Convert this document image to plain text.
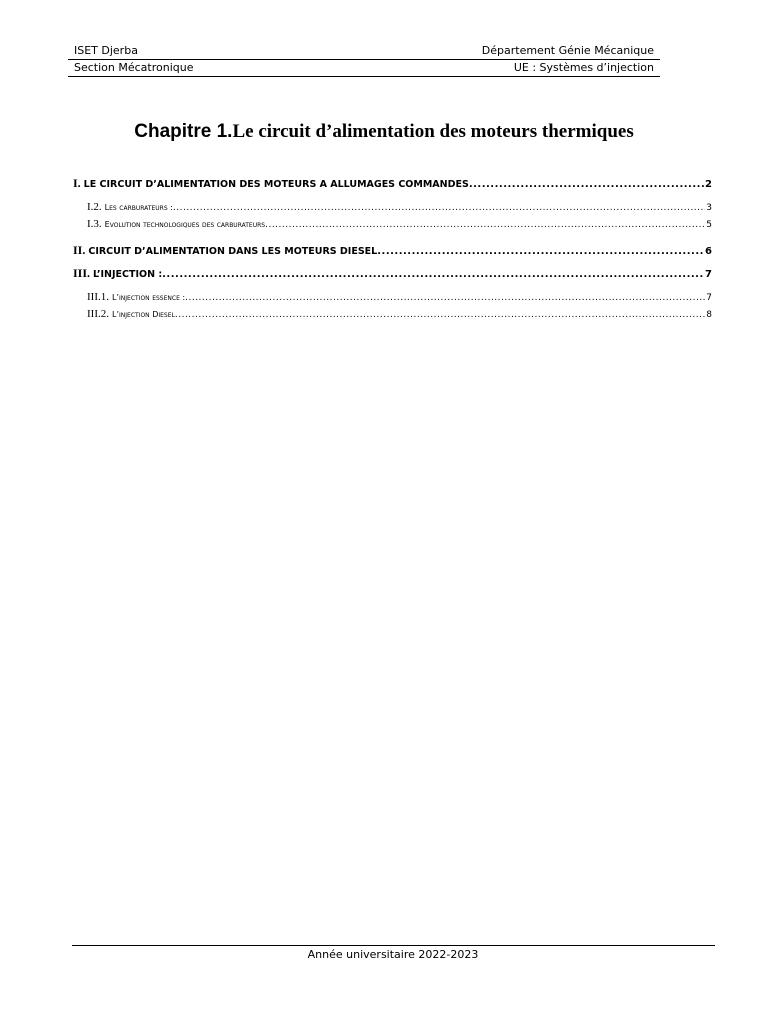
ISET Djerba	Département Génie Mécanique
Section Mécatronique	UE : Systèmes d’injection
Chapitre 1.Le circuit d’alimentation des moteurs thermiques
I. LE CIRCUIT D’ALIMENTATION DES MOTEURS A ALLUMAGES COMMANDES .....	2
I.2. Les carburateurs : .....	3
I.3. Evolution technologiques des carburateurs .....	5
II. CIRCUIT D’ALIMENTATION DANS LES MOTEURS DIESEL .....	6
III. L’INJECTION : .....	7
III.1. L’injection essence : .....	7
III.2. L’injection Diesel .....	8
Année universitaire 2022-2023
